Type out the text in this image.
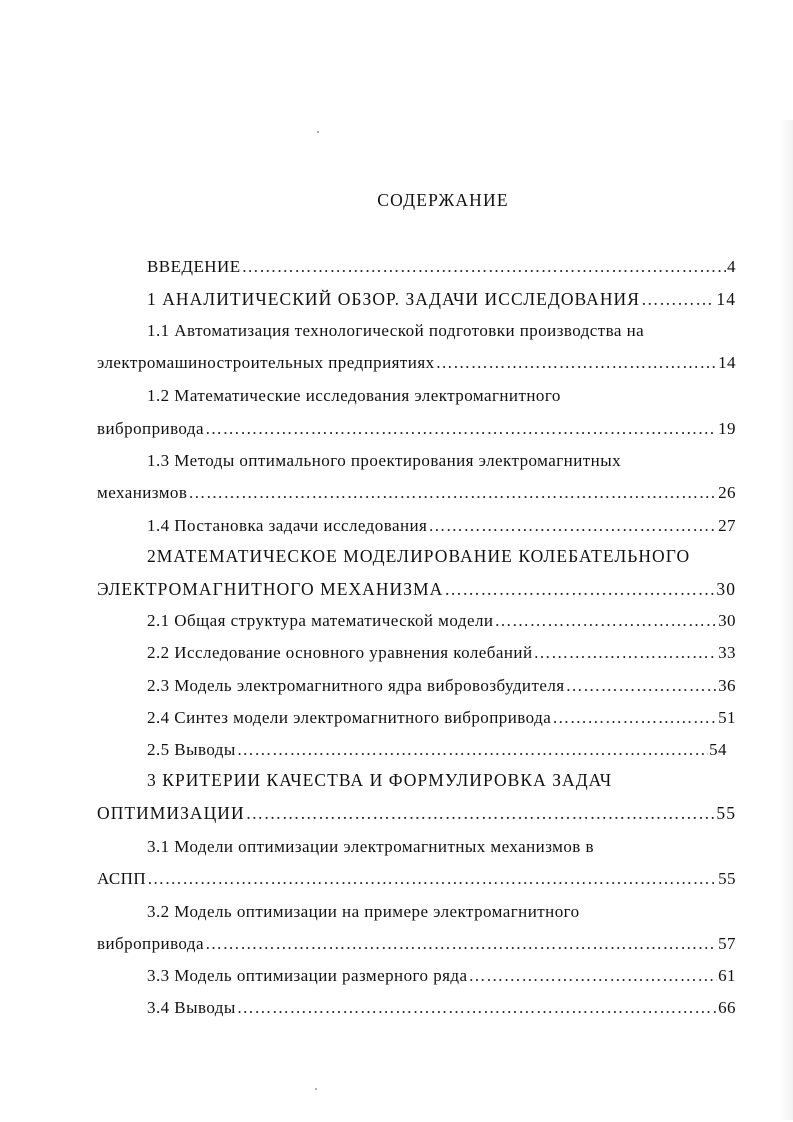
СОДЕРЖАНИЕ
ВВЕДЕНИЕ ……………………………………………………………………………………………………………………………………………………………………………………	4
1 АНАЛИТИЧЕСКИЙ ОБЗОР. ЗАДАЧИ ИССЛЕДОВАНИЯ ……………………………………………………………………………………………………………………………………………………………………………………	14
1.1 Автоматизация технологической подготовки производства на
электромашиностроительных предприятиях ……………………………………………………………………………………………………………………………………………………………………………………	14
1.2 Математические исследования электромагнитного
вибропривода ……………………………………………………………………………………………………………………………………………………………………………………	19
1.3 Методы оптимального проектирования электромагнитных
механизмов ……………………………………………………………………………………………………………………………………………………………………………………	26
1.4 Постановка задачи исследования ……………………………………………………………………………………………………………………………………………………………………………………	27
2МАТЕМАТИЧЕСКОЕ МОДЕЛИРОВАНИЕ КОЛЕБАТЕЛЬНОГО
ЭЛЕКТРОМАГНИТНОГО МЕХАНИЗМА ……………………………………………………………………………………………………………………………………………………………………………………	30
2.1 Общая структура математической модели ……………………………………………………………………………………………………………………………………………………………………………………	30
2.2 Исследование основного уравнения колебаний ……………………………………………………………………………………………………………………………………………………………………………………	33
2.3 Модель электромагнитного ядра вибровозбудителя ……………………………………………………………………………………………………………………………………………………………………………………	36
2.4 Синтез модели электромагнитного вибропривода ……………………………………………………………………………………………………………………………………………………………………………………	51
2.5 Выводы ……………………………………………………………………………………………………………………………………………………………………………………	54
3 КРИТЕРИИ КАЧЕСТВА И ФОРМУЛИРОВКА ЗАДАЧ
ОПТИМИЗАЦИИ ……………………………………………………………………………………………………………………………………………………………………………………	55
3.1 Модели оптимизации электромагнитных механизмов в
АСПП ……………………………………………………………………………………………………………………………………………………………………………………	55
3.2 Модель оптимизации на примере электромагнитного
вибропривода ……………………………………………………………………………………………………………………………………………………………………………………	57
3.3 Модель оптимизации размерного ряда ……………………………………………………………………………………………………………………………………………………………………………………	61
3.4 Выводы ……………………………………………………………………………………………………………………………………………………………………………………	66
